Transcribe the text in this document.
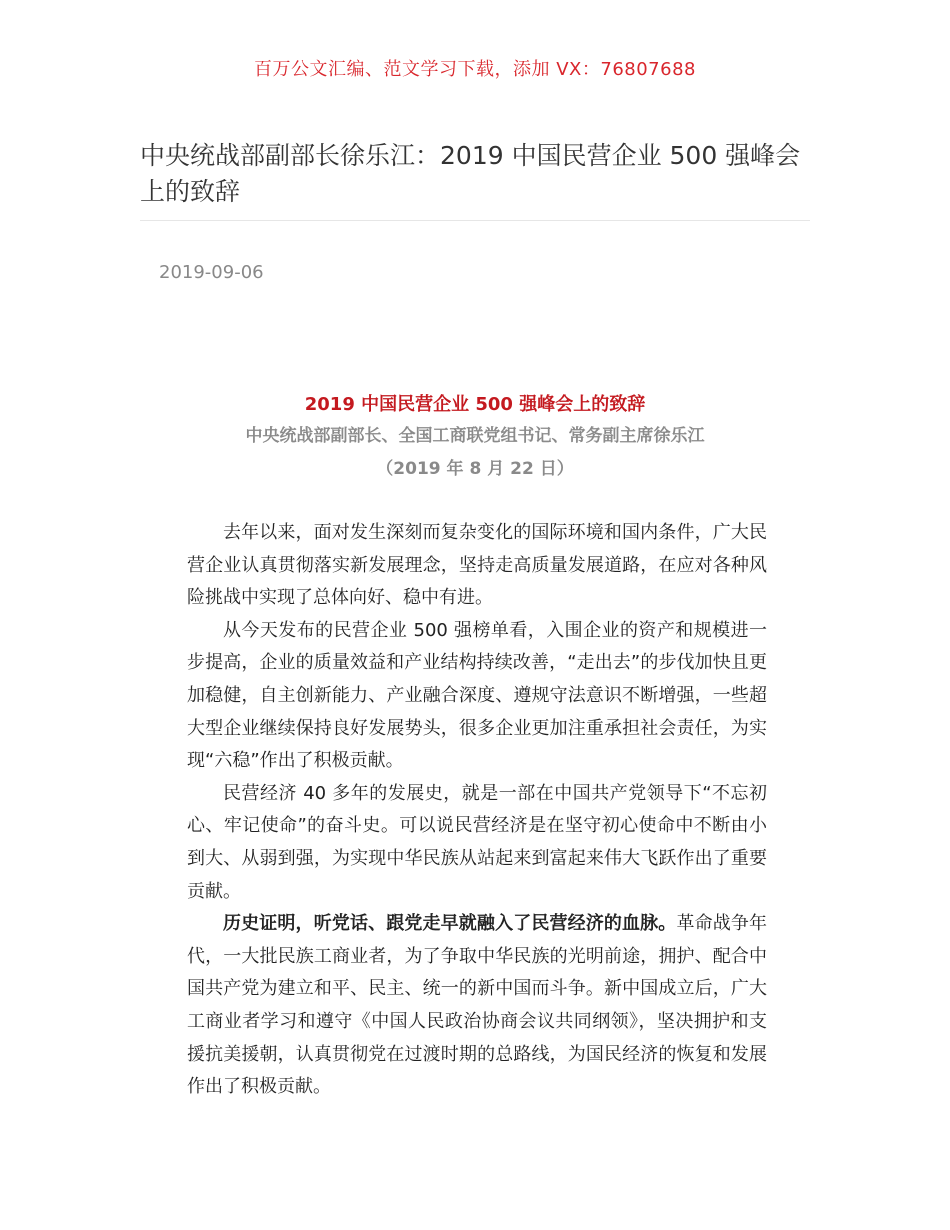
百万公文汇编、范文学习下载，添加 VX：76807688
中央统战部副部长徐乐江：2019 中国民营企业 500 强峰会上的致辞
2019-09-06
2019 中国民营企业 500 强峰会上的致辞
中央统战部副部长、全国工商联党组书记、常务副主席徐乐江
（2019 年 8 月 22 日）

去年以来，面对发生深刻而复杂变化的国际环境和国内条件，广大民营企业认真贯彻落实新发展理念，坚持走高质量发展道路，在应对各种风险挑战中实现了总体向好、稳中有进。

从今天发布的民营企业 500 强榜单看，入围企业的资产和规模进一步提高，企业的质量效益和产业结构持续改善，“走出去”的步伐加快且更加稳健，自主创新能力、产业融合深度、遵规守法意识不断增强，一些超大型企业继续保持良好发展势头，很多企业更加注重承担社会责任，为实现“六稳”作出了积极贡献。

民营经济 40 多年的发展史，就是一部在中国共产党领导下“不忘初心、牢记使命”的奋斗史。可以说民营经济是在坚守初心使命中不断由小到大、从弱到强，为实现中华民族从站起来到富起来伟大飞跃作出了重要贡献。

历史证明，听党话、跟党走早就融入了民营经济的血脉。革命战争年代，一大批民族工商业者，为了争取中华民族的光明前途，拥护、配合中国共产党为建立和平、民主、统一的新中国而斗争。新中国成立后，广大工商业者学习和遵守《中国人民政治协商会议共同纲领》，坚决拥护和支援抗美援朝，认真贯彻党在过渡时期的总路线，为国民经济的恢复和发展作出了积极贡献。
